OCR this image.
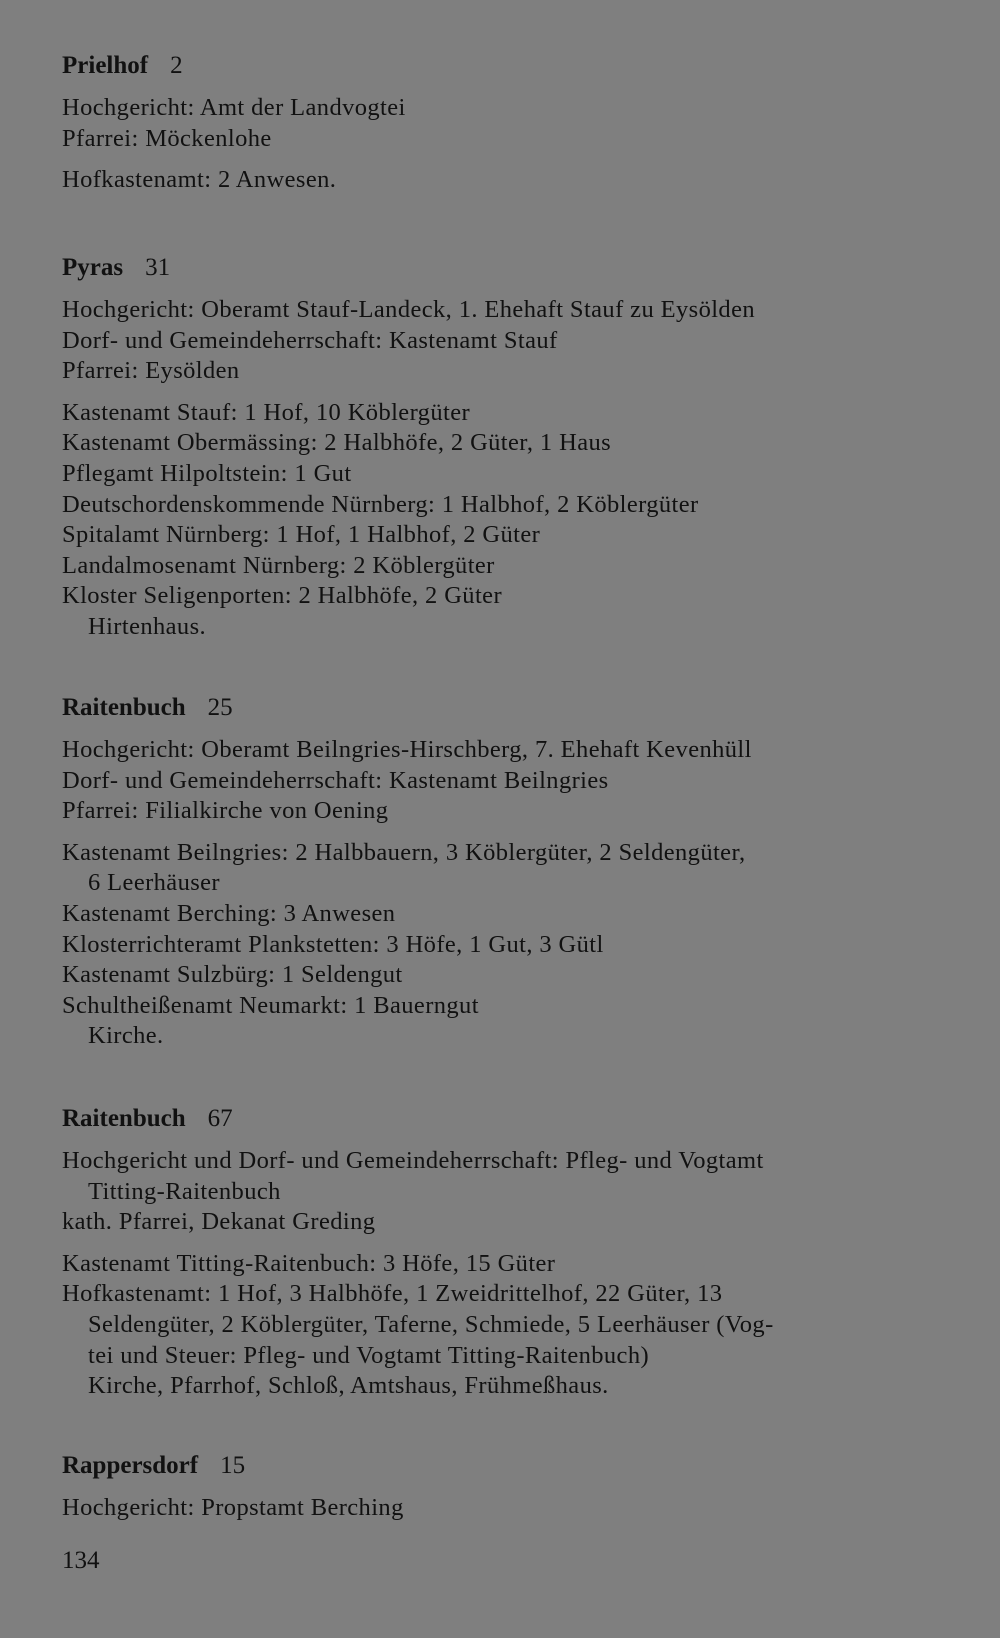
Prielhof 2
Hochgericht: Amt der Landvogtei
Pfarrei: Möckenlohe
Hofkastenamt: 2 Anwesen.
Pyras 31
Hochgericht: Oberamt Stauf-Landeck, 1. Ehehaft Stauf zu Eysölden
Dorf- und Gemeindeherrschaft: Kastenamt Stauf
Pfarrei: Eysölden
Kastenamt Stauf: 1 Hof, 10 Köblergüter
Kastenamt Obermässing: 2 Halbhöfe, 2 Güter, 1 Haus
Pflegamt Hilpoltstein: 1 Gut
Deutschordenskommende Nürnberg: 1 Halbhof, 2 Köblergüter
Spitalamt Nürnberg: 1 Hof, 1 Halbhof, 2 Güter
Landalmosenamt Nürnberg: 2 Köblergüter
Kloster Seligenporten: 2 Halbhöfe, 2 Güter
Hirtenhaus.
Raitenbuch 25
Hochgericht: Oberamt Beilngries-Hirschberg, 7. Ehehaft Kevenhüll
Dorf- und Gemeindeherrschaft: Kastenamt Beilngries
Pfarrei: Filialkirche von Oening
Kastenamt Beilngries: 2 Halbbauern, 3 Köblergüter, 2 Seldengüter,
6 Leerhäuser
Kastenamt Berching: 3 Anwesen
Klosterrichteramt Plankstetten: 3 Höfe, 1 Gut, 3 Gütl
Kastenamt Sulzbürg: 1 Seldengut
Schultheißenamt Neumarkt: 1 Bauerngut
Kirche.
Raitenbuch 67
Hochgericht und Dorf- und Gemeindeherrschaft: Pfleg- und Vogtamt
Titting-Raitenbuch
kath. Pfarrei, Dekanat Greding
Kastenamt Titting-Raitenbuch: 3 Höfe, 15 Güter
Hofkastenamt: 1 Hof, 3 Halbhöfe, 1 Zweidrittelhof, 22 Güter, 13
Seldengüter, 2 Köblergüter, Taferne, Schmiede, 5 Leerhäuser (Vog-
tei und Steuer: Pfleg- und Vogtamt Titting-Raitenbuch)
Kirche, Pfarrhof, Schloß, Amtshaus, Frühmeßhaus.
Rappersdorf 15
Hochgericht: Propstamt Berching
134
